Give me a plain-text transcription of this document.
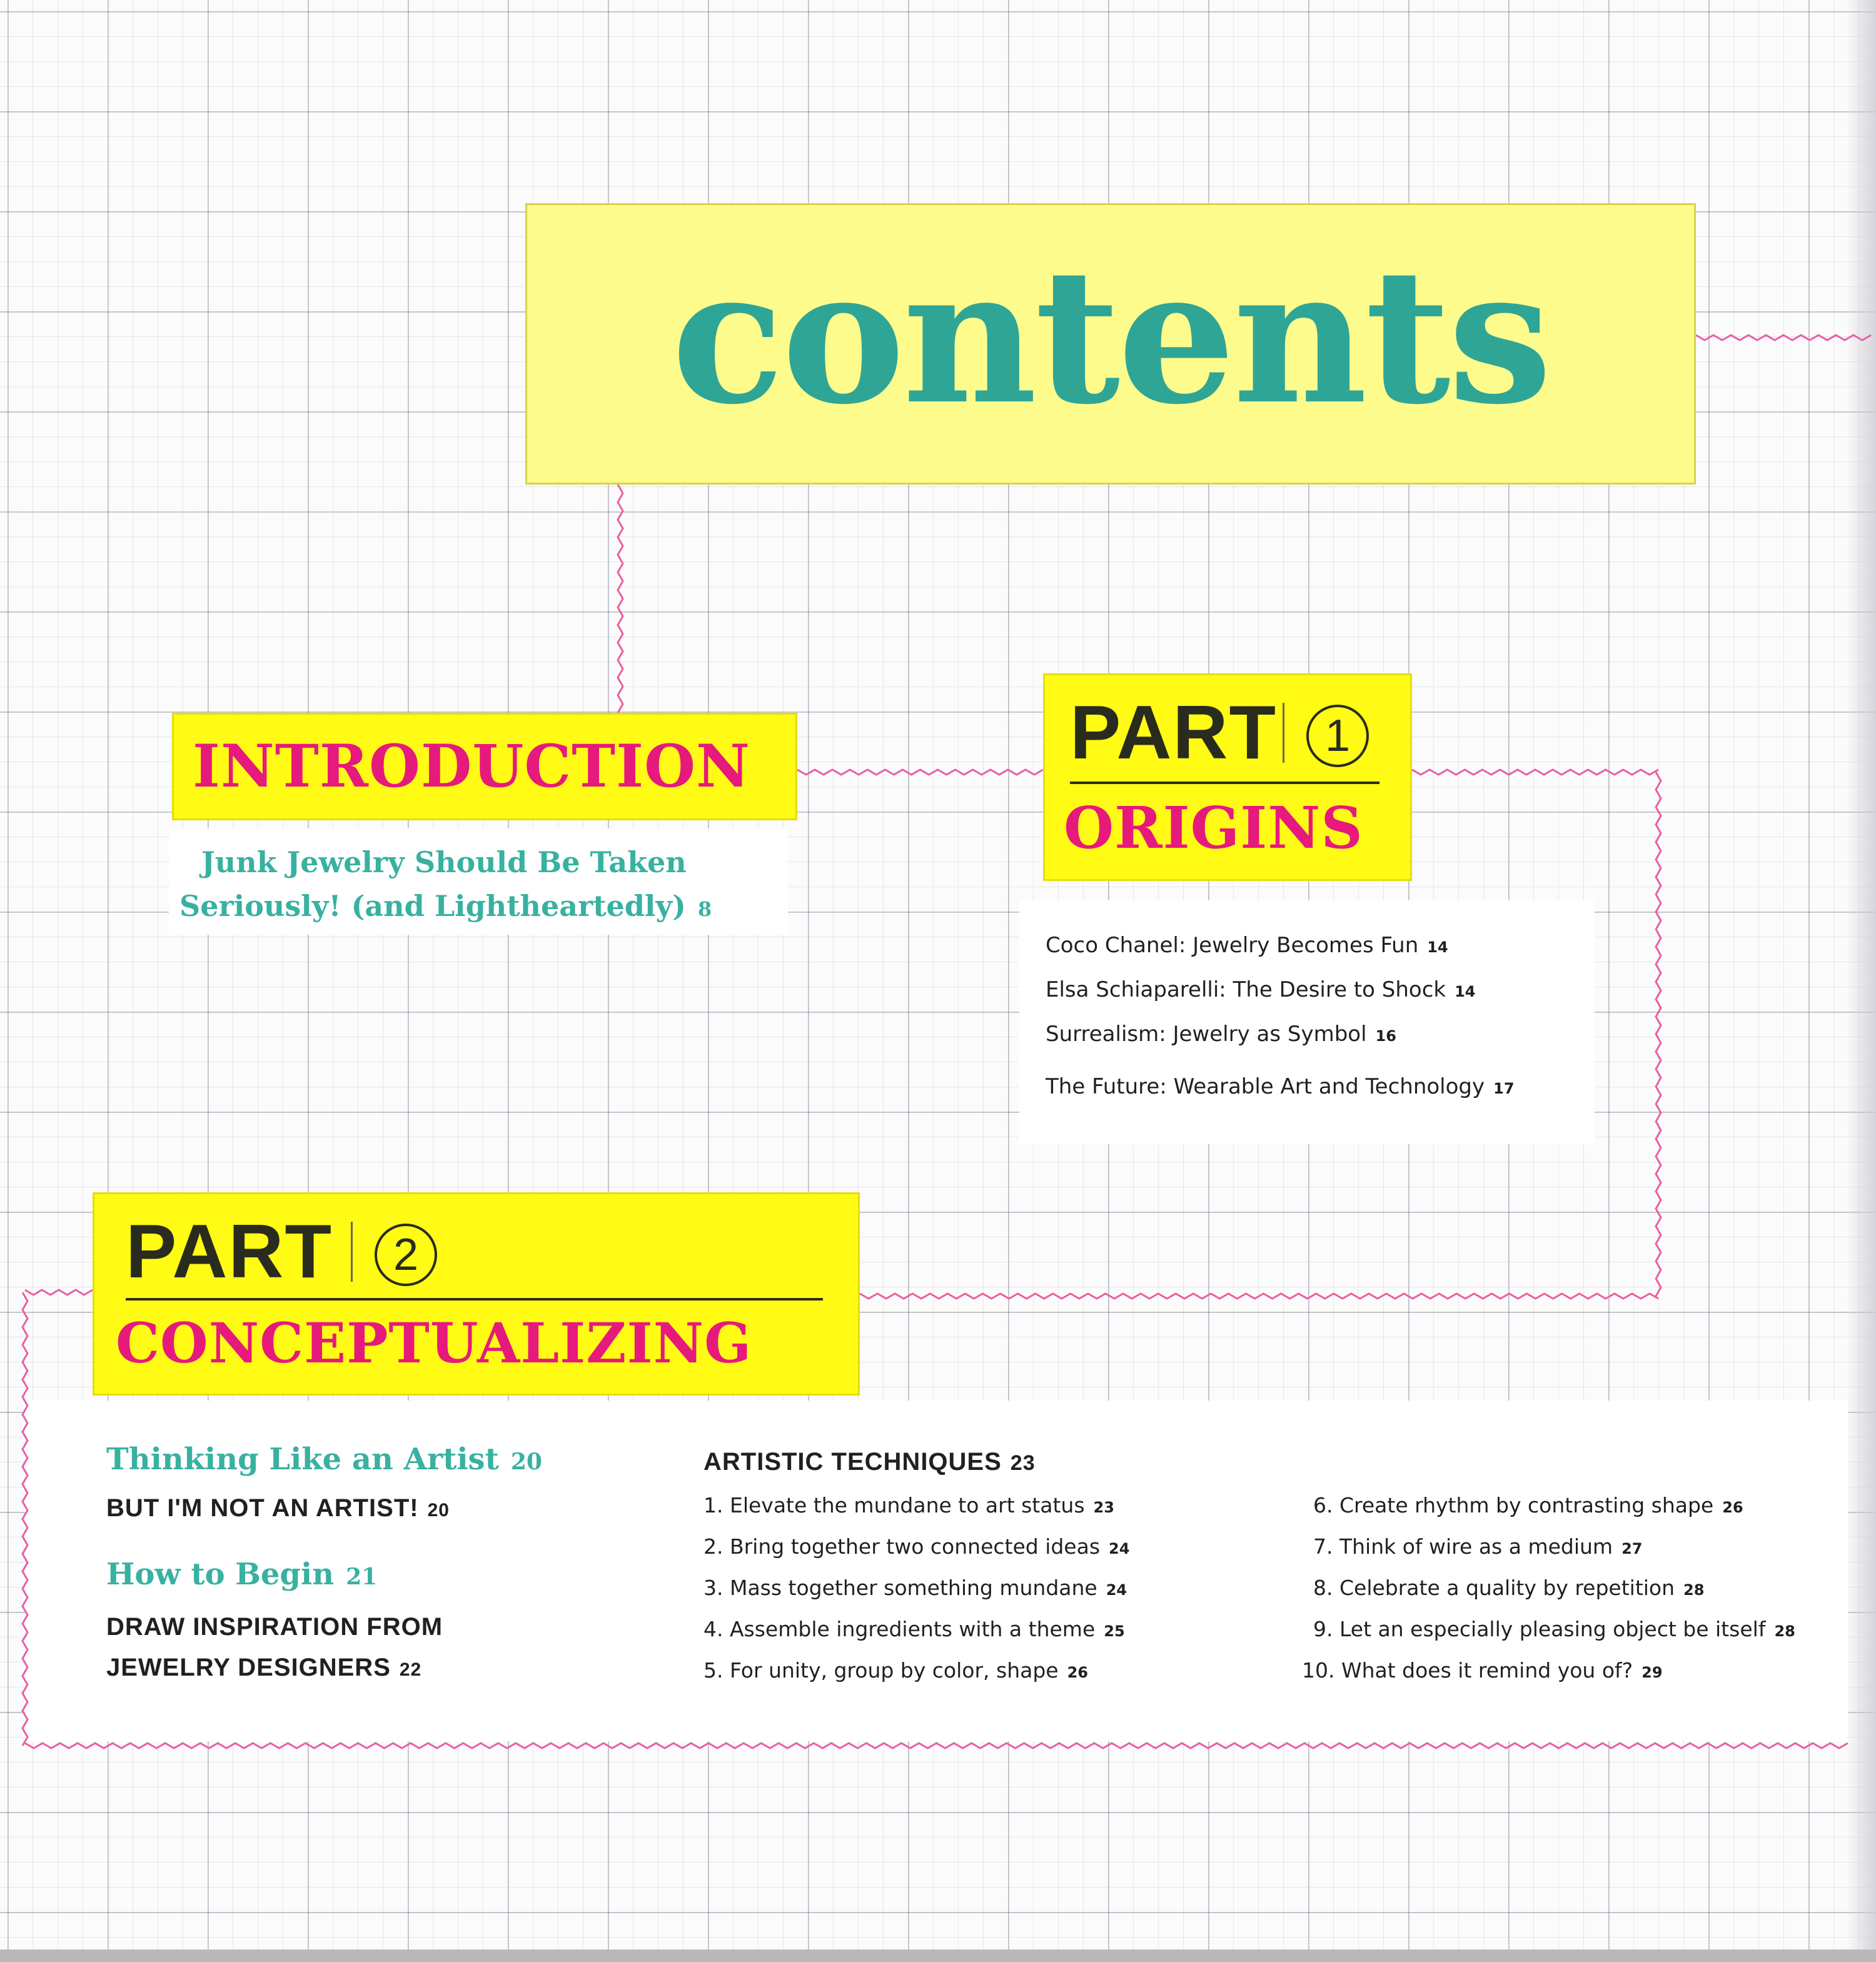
contents
INTRODUCTION
Junk Jewelry Should Be Taken
Seriously! (and Lightheartedly) 8
PART 1
ORIGINS
Coco Chanel: Jewelry Becomes Fun 14
Elsa Schiaparelli: The Desire to Shock 14
Surrealism: Jewelry as Symbol 16
The Future: Wearable Art and Technology 17
PART 2
CONCEPTUALIZING
Thinking Like an Artist 20
BUT I'M NOT AN ARTIST! 20
How to Begin 21
DRAW INSPIRATION FROM
JEWELRY DESIGNERS 22
ARTISTIC TECHNIQUES 23
1. Elevate the mundane to art status 23
2. Bring together two connected ideas 24
3. Mass together something mundane 24
4. Assemble ingredients with a theme 25
5. For unity, group by color, shape 26
6. Create rhythm by contrasting shape 26
7. Think of wire as a medium 27
8. Celebrate a quality by repetition 28
9. Let an especially pleasing object be itself 28
10. What does it remind you of? 29
